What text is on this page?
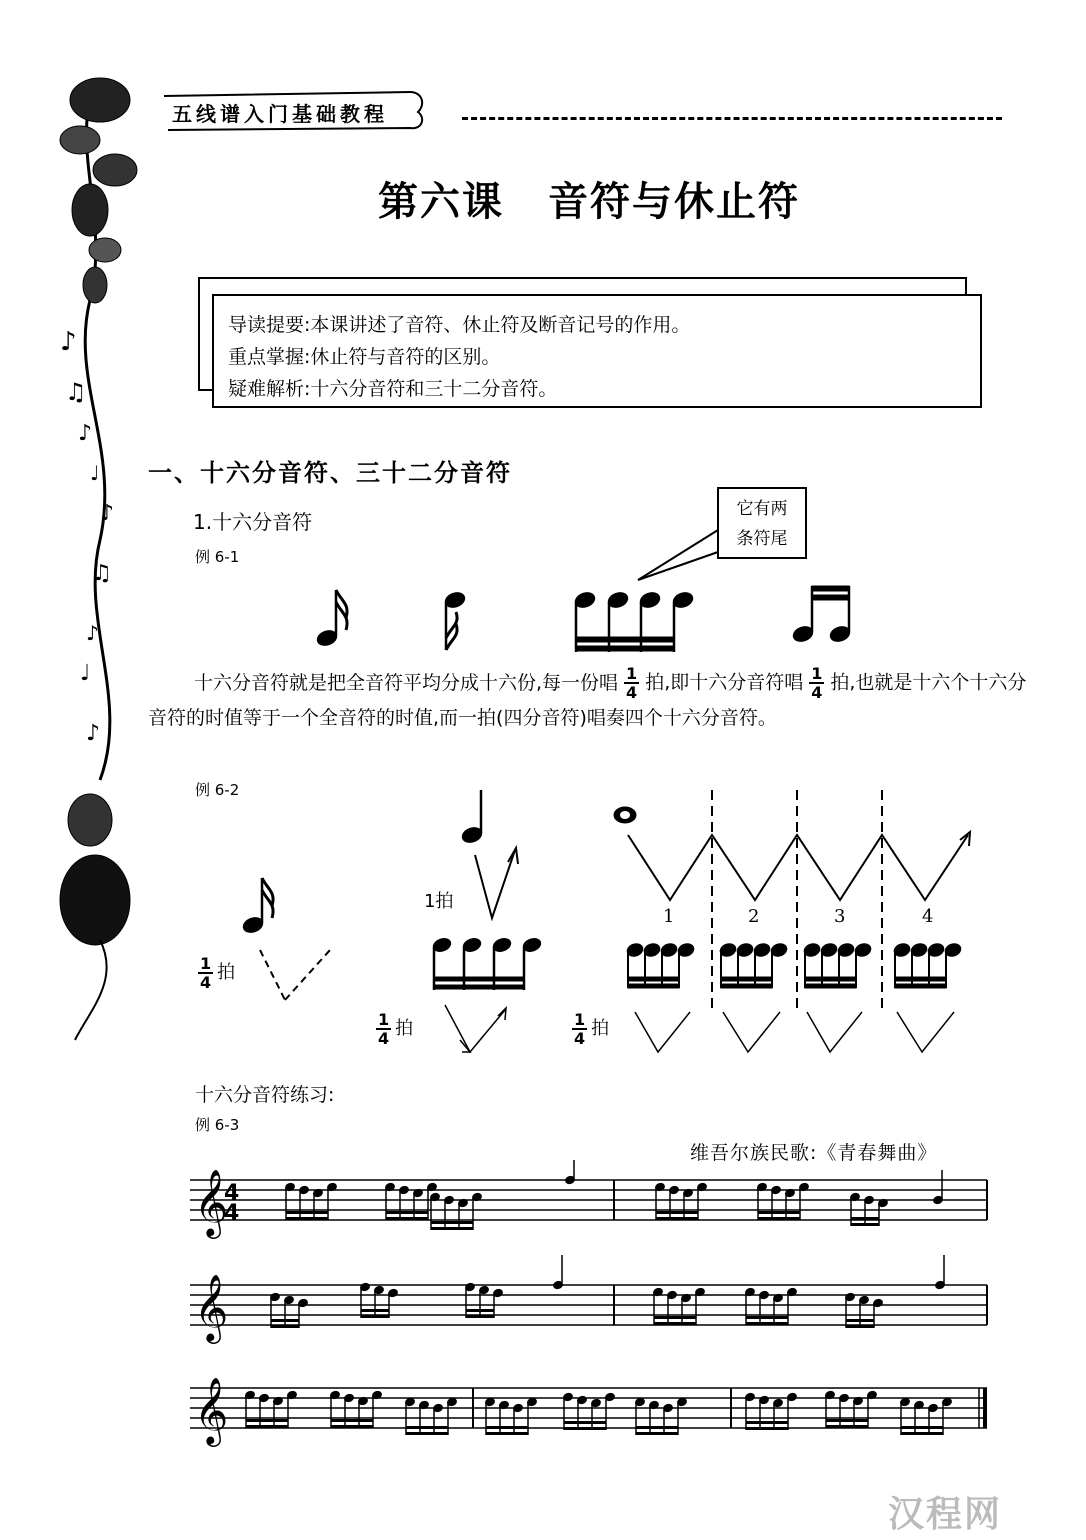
♪
♫
♪
♩
♪
♫
♪
♩
♪
五线谱入门基础教程
第六课 音符与休止符
导读提要:本课讲述了音符、休止符及断音记号的作用。
重点掌握:休止符与音符的区别。
疑难解析:十六分音符和三十二分音符。
一、十六分音符、三十二分音符
1.十六分音符
例 6-1
它有两
条符尾
十六分音符就是把全音符平均分成十六份,每一份唱 $\frac{1}{4}$ 拍,即十六分音符唱 $\frac{1}{4}$ 拍,也就是十六个十六分音符的时值等于一个全音符的时值,而一拍(四分音符)唱奏四个十六分音符。
例 6-2
1	2	3	4
1拍
$\frac{1}{4}$ 拍
$\frac{1}{4}$ 拍	$\frac{1}{4}$ 拍
十六分音符练习:
例 6-3
维吾尔族民歌:《青春舞曲》
𝄞
𝄞
𝄞
4
4
汉程网
